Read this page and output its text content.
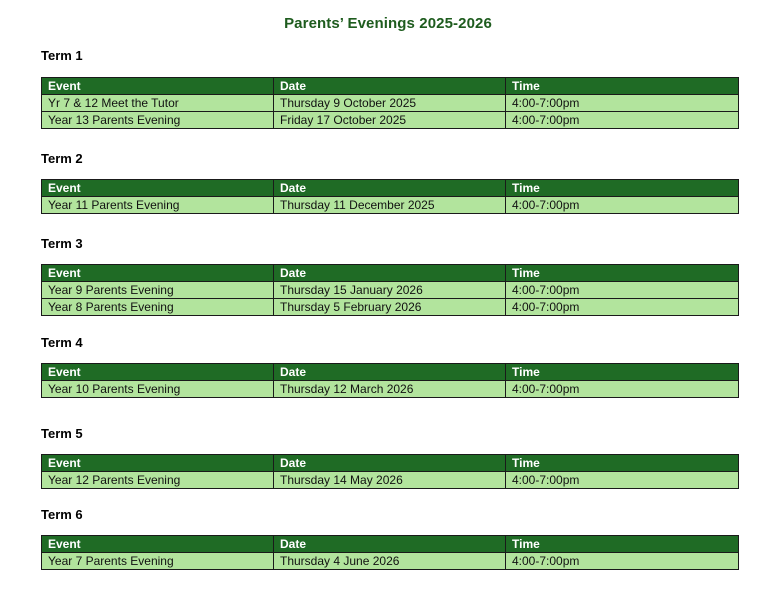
Parents’ Evenings 2025-2026
Term 1
Event	Date	Time
Yr 7 & 12 Meet the Tutor	Thursday 9 October 2025	4:00-7:00pm
Year 13 Parents Evening	Friday 17 October 2025	4:00-7:00pm
Term 2
Event	Date	Time
Year 11 Parents Evening	Thursday 11 December 2025	4:00-7:00pm
Term 3
Event	Date	Time
Year 9 Parents Evening	Thursday 15 January 2026	4:00-7:00pm
Year 8 Parents Evening	Thursday 5 February 2026	4:00-7:00pm
Term 4
Event	Date	Time
Year 10 Parents Evening	Thursday 12 March 2026	4:00-7:00pm
Term 5
Event	Date	Time
Year 12 Parents Evening	Thursday 14 May 2026	4:00-7:00pm
Term 6
Event	Date	Time
Year 7 Parents Evening	Thursday 4 June 2026	4:00-7:00pm
